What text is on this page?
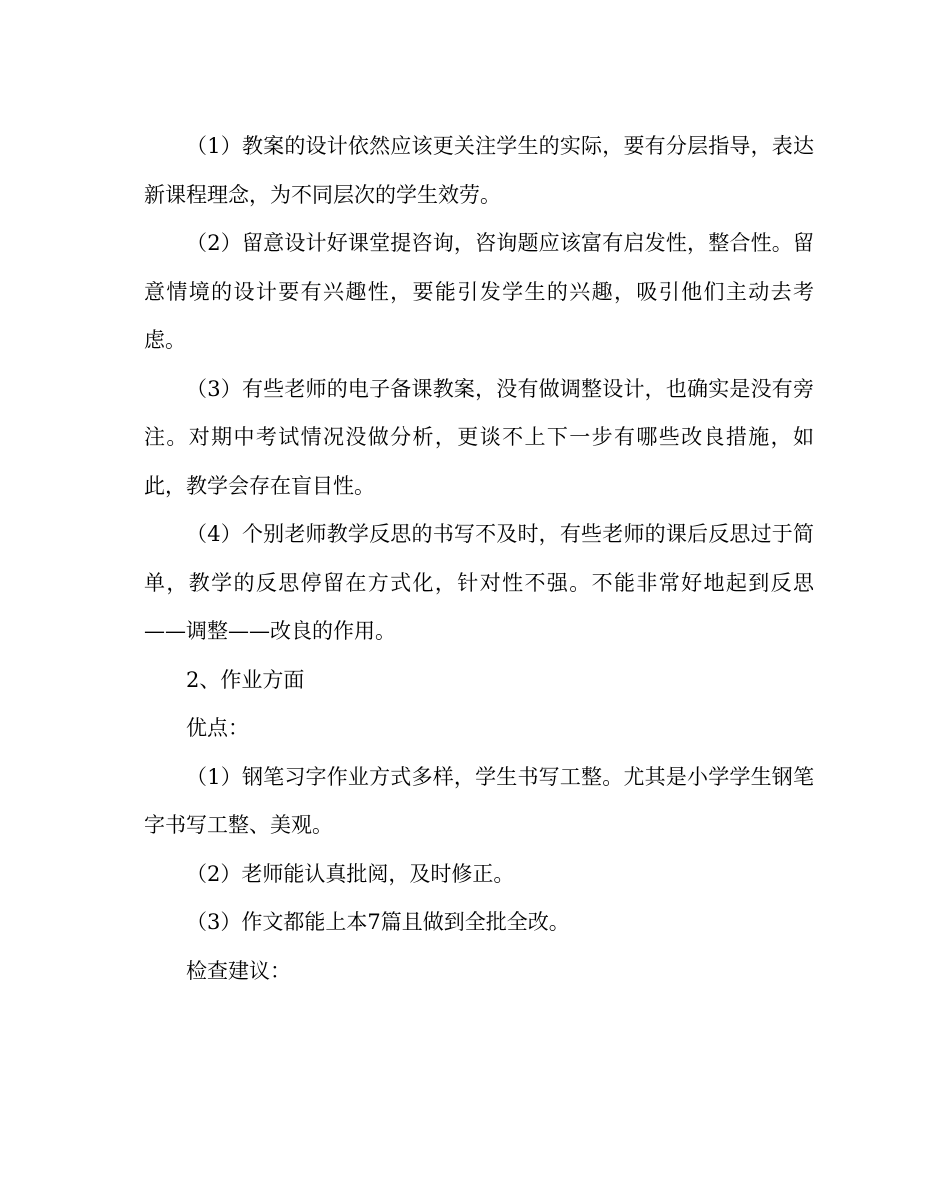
（1）教案的设计依然应该更关注学生的实际，要有分层指导，表达新课程理念，为不同层次的学生效劳。

（2）留意设计好课堂提咨询，咨询题应该富有启发性，整合性。留意情境的设计要有兴趣性，要能引发学生的兴趣，吸引他们主动去考虑。

（3）有些老师的电子备课教案，没有做调整设计，也确实是没有旁注。对期中考试情况没做分析，更谈不上下一步有哪些改良措施，如此，教学会存在盲目性。

（4）个别老师教学反思的书写不及时，有些老师的课后反思过于简单，教学的反思停留在方式化，针对性不强。不能非常好地起到反思——调整——改良的作用。

2、作业方面

优点：

（1）钢笔习字作业方式多样，学生书写工整。尤其是小学学生钢笔字书写工整、美观。

（2）老师能认真批阅，及时修正。

（3）作文都能上本7篇且做到全批全改。

检查建议：
